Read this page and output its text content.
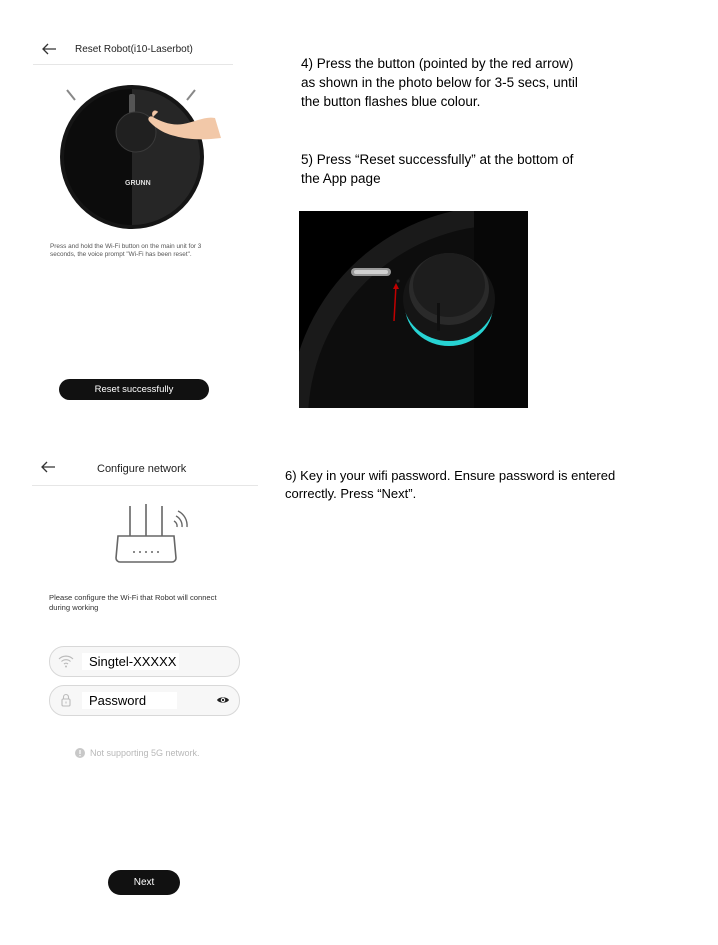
Reset Robot(i10-Laserbot)
GRUNN
Press and hold the Wi-Fi button on the main unit for 3 seconds, the voice prompt "Wi-Fi has been reset".
Reset successfully
4) Press the button (pointed by the red arrow) as shown in the photo below for 3-5 secs, until the button flashes blue colour.
5) Press “Reset successfully” at the bottom of the App page
Configure network
Please configure the Wi-Fi that Robot will connect during working
Singtel-XXXXX
Password
Not supporting 5G network.
Next
6) Key in your wifi password. Ensure password is entered correctly. Press “Next”.
